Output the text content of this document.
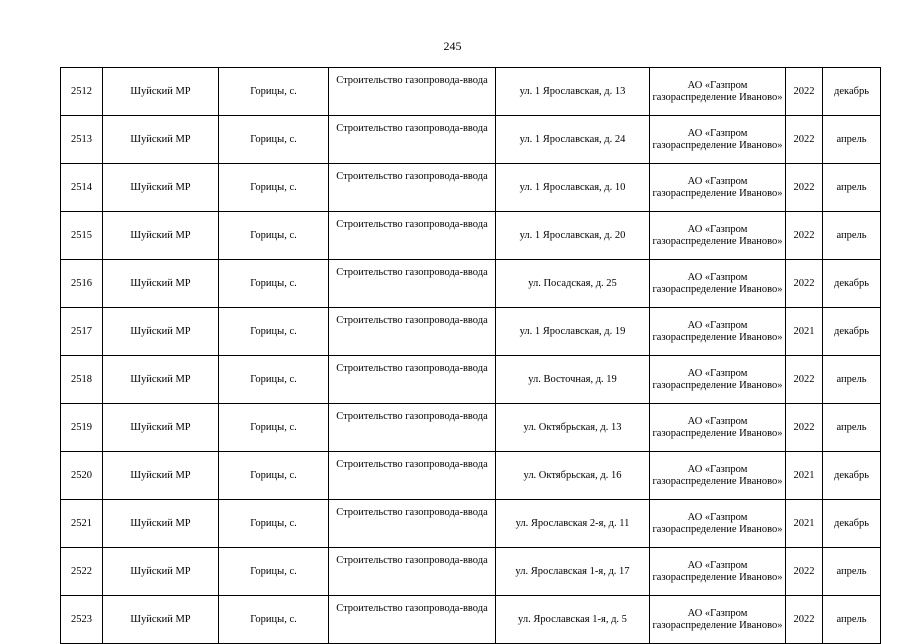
245
2512	Шуйский МР	Горицы, с.	Строительство газопровода-ввода	ул. 1 Ярославская, д. 13	АО «Газпром газораспределение Иваново»	2022	декабрь
2513	Шуйский МР	Горицы, с.	Строительство газопровода-ввода	ул. 1 Ярославская, д. 24	АО «Газпром газораспределение Иваново»	2022	апрель
2514	Шуйский МР	Горицы, с.	Строительство газопровода-ввода	ул. 1 Ярославская, д. 10	АО «Газпром газораспределение Иваново»	2022	апрель
2515	Шуйский МР	Горицы, с.	Строительство газопровода-ввода	ул. 1 Ярославская, д. 20	АО «Газпром газораспределение Иваново»	2022	апрель
2516	Шуйский МР	Горицы, с.	Строительство газопровода-ввода	ул. Посадская, д. 25	АО «Газпром газораспределение Иваново»	2022	декабрь
2517	Шуйский МР	Горицы, с.	Строительство газопровода-ввода	ул. 1 Ярославская, д. 19	АО «Газпром газораспределение Иваново»	2021	декабрь
2518	Шуйский МР	Горицы, с.	Строительство газопровода-ввода	ул. Восточная, д. 19	АО «Газпром газораспределение Иваново»	2022	апрель
2519	Шуйский МР	Горицы, с.	Строительство газопровода-ввода	ул. Октябрьская, д. 13	АО «Газпром газораспределение Иваново»	2022	апрель
2520	Шуйский МР	Горицы, с.	Строительство газопровода-ввода	ул. Октябрьская, д. 16	АО «Газпром газораспределение Иваново»	2021	декабрь
2521	Шуйский МР	Горицы, с.	Строительство газопровода-ввода	ул. Ярославская 2-я, д. 11	АО «Газпром газораспределение Иваново»	2021	декабрь
2522	Шуйский МР	Горицы, с.	Строительство газопровода-ввода	ул. Ярославская 1-я, д. 17	АО «Газпром газораспределение Иваново»	2022	апрель
2523	Шуйский МР	Горицы, с.	Строительство газопровода-ввода	ул. Ярославская 1-я, д. 5	АО «Газпром газораспределение Иваново»	2022	апрель
